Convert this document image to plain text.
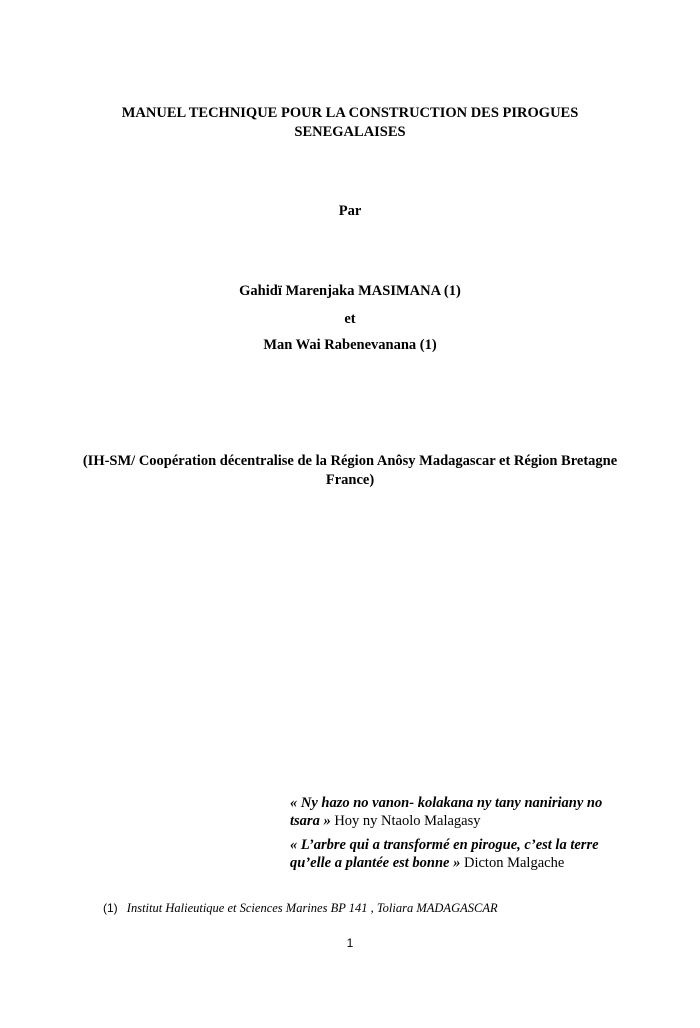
MANUEL TECHNIQUE POUR LA CONSTRUCTION DES PIROGUES SENEGALAISES
Par
Gahidï Marenjaka MASIMANA (1)
et
Man Wai Rabenevanana (1)
(IH-SM/ Coopération décentralise de la Région Anôsy Madagascar et Région Bretagne France)

« Ny hazo no vanon- kolakana ny tany naniriany no tsara » Hoy ny Ntaolo Malagasy

« L’arbre qui a transformé en pirogue, c’est la terre qu’elle a plantée est bonne » Dicton Malgache

(1) Institut Halieutique et Sciences Marines BP 141 , Toliara MADAGASCAR
1
